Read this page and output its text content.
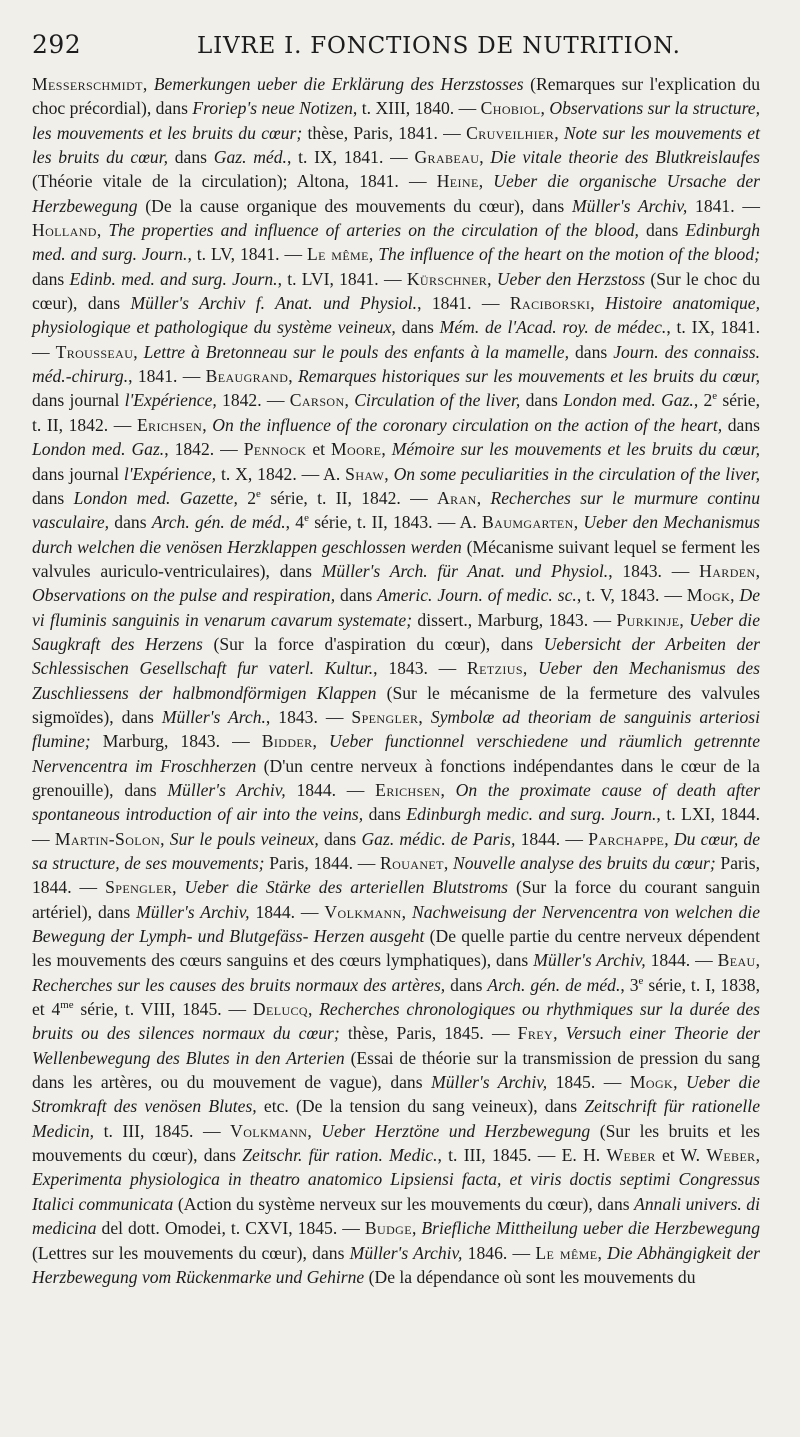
292	LIVRE I. FONCTIONS DE NUTRITION.
Messerschmidt, Bemerkungen ueber die Erklärung des Herzstosses (Remarques sur l'explication du choc précordial), dans Froriep's neue Notizen, t. XIII, 1840. — Chobiol, Observations sur la structure, les mouvements et les bruits du cœur; thèse, Paris, 1841. — Cruveilhier, Note sur les mouvements et les bruits du cœur, dans Gaz. méd., t. IX, 1841. — Grabeau, Die vitale theorie des Blutkreislaufes (Théorie vitale de la circulation); Altona, 1841. — Heine, Ueber die organische Ursache der Herzbewegung (De la cause organique des mouvements du cœur), dans Müller's Archiv, 1841. — Holland, The properties and influence of arteries on the circulation of the blood, dans Edinburgh med. and surg. Journ., t. LV, 1841. — Le même, The influence of the heart on the motion of the blood; dans Edinb. med. and surg. Journ., t. LVI, 1841. — Kürschner, Ueber den Herzstoss (Sur le choc du cœur), dans Müller's Archiv f. Anat. und Physiol., 1841. — Raciborski, Histoire anatomique, physiologique et pathologique du système veineux, dans Mém. de l'Acad. roy. de médec., t. IX, 1841. — Trousseau, Lettre à Bretonneau sur le pouls des enfants à la mamelle, dans Journ. des connaiss. méd.-chirurg., 1841. — Beaugrand, Remarques historiques sur les mouvements et les bruits du cœur, dans journal l'Expérience, 1842. — Carson, Circulation of the liver, dans London med. Gaz., 2e série, t. II, 1842. — Erichsen, On the influence of the coronary circulation on the action of the heart, dans London med. Gaz., 1842. — Pennock et Moore, Mémoire sur les mouvements et les bruits du cœur, dans journal l'Expérience, t. X, 1842. — A. Shaw, On some peculiarities in the circulation of the liver, dans London med. Gazette, 2e série, t. II, 1842. — Aran, Recherches sur le murmure continu vasculaire, dans Arch. gén. de méd., 4e série, t. II, 1843. — A. Baumgarten, Ueber den Mechanismus durch welchen die venösen Herzklappen geschlossen werden (Mécanisme suivant lequel se ferment les valvules auriculo-ventriculaires), dans Müller's Arch. für Anat. und Physiol., 1843. — Harden, Observations on the pulse and respiration, dans Americ. Journ. of medic. sc., t. V, 1843. — Mogk, De vi fluminis sanguinis in venarum cavarum systemate; dissert., Marburg, 1843. — Purkinje, Ueber die Saugkraft des Herzens (Sur la force d'aspiration du cœur), dans Uebersicht der Arbeiten der Schlessischen Gesellschaft fur vaterl. Kultur., 1843. — Retzius, Ueber den Mechanismus des Zuschliessens der halbmondförmigen Klappen (Sur le mécanisme de la fermeture des valvules sigmoïdes), dans Müller's Arch., 1843. — Spengler, Symbolæ ad theoriam de sanguinis arteriosi flumine; Marburg, 1843. — Bidder, Ueber functionnel verschiedene und räumlich getrennte Nervencentra im Froschherzen (D'un centre nerveux à fonctions indépendantes dans le cœur de la grenouille), dans Müller's Archiv, 1844. — Erichsen, On the proximate cause of death after spontaneous introduction of air into the veins, dans Edinburgh medic. and surg. Journ., t. LXI, 1844. — Martin-Solon, Sur le pouls veineux, dans Gaz. médic. de Paris, 1844. — Parchappe, Du cœur, de sa structure, de ses mouvements; Paris, 1844. — Rouanet, Nouvelle analyse des bruits du cœur; Paris, 1844. — Spengler, Ueber die Stärke des arteriellen Blutstroms (Sur la force du courant sanguin artériel), dans Müller's Archiv, 1844. — Volkmann, Nachweisung der Nervencentra von welchen die Bewegung der Lymph- und Blutgefäss- Herzen ausgeht (De quelle partie du centre nerveux dépendent les mouvements des cœurs sanguins et des cœurs lymphatiques), dans Müller's Archiv, 1844. — Beau, Recherches sur les causes des bruits normaux des artères, dans Arch. gén. de méd., 3e série, t. I, 1838, et $4^{me}$ série, t. VIII, 1845. — Delucq, Recherches chronologiques ou rhythmiques sur la durée des bruits ou des silences normaux du cœur; thèse, Paris, 1845. — Frey, Versuch einer Theorie der Wellenbewegung des Blutes in den Arterien (Essai de théorie sur la transmission de pression du sang dans les artères, ou du mouvement de vague), dans Müller's Archiv, 1845. — Mogk, Ueber die Stromkraft des venösen Blutes, etc. (De la tension du sang veineux), dans Zeitschrift für rationelle Medicin, t. III, 1845. — Volkmann, Ueber Herztöne und Herzbewegung (Sur les bruits et les mouvements du cœur), dans Zeitschr. für ration. Medic., t. III, 1845. — E. H. Weber et W. Weber, Experimenta physiologica in theatro anatomico Lipsiensi facta, et viris doctis septimi Congressus Italici communicata (Action du système nerveux sur les mouvements du cœur), dans Annali univers. di medicina del dott. Omodei, t. CXVI, 1845. — Budge, Briefliche Mittheilung ueber die Herzbewegung (Lettres sur les mouvements du cœur), dans Müller's Archiv, 1846. — Le même, Die Abhängigkeit der Herzbewegung vom Rückenmarke und Gehirne (De la dépendance où sont les mouvements du
